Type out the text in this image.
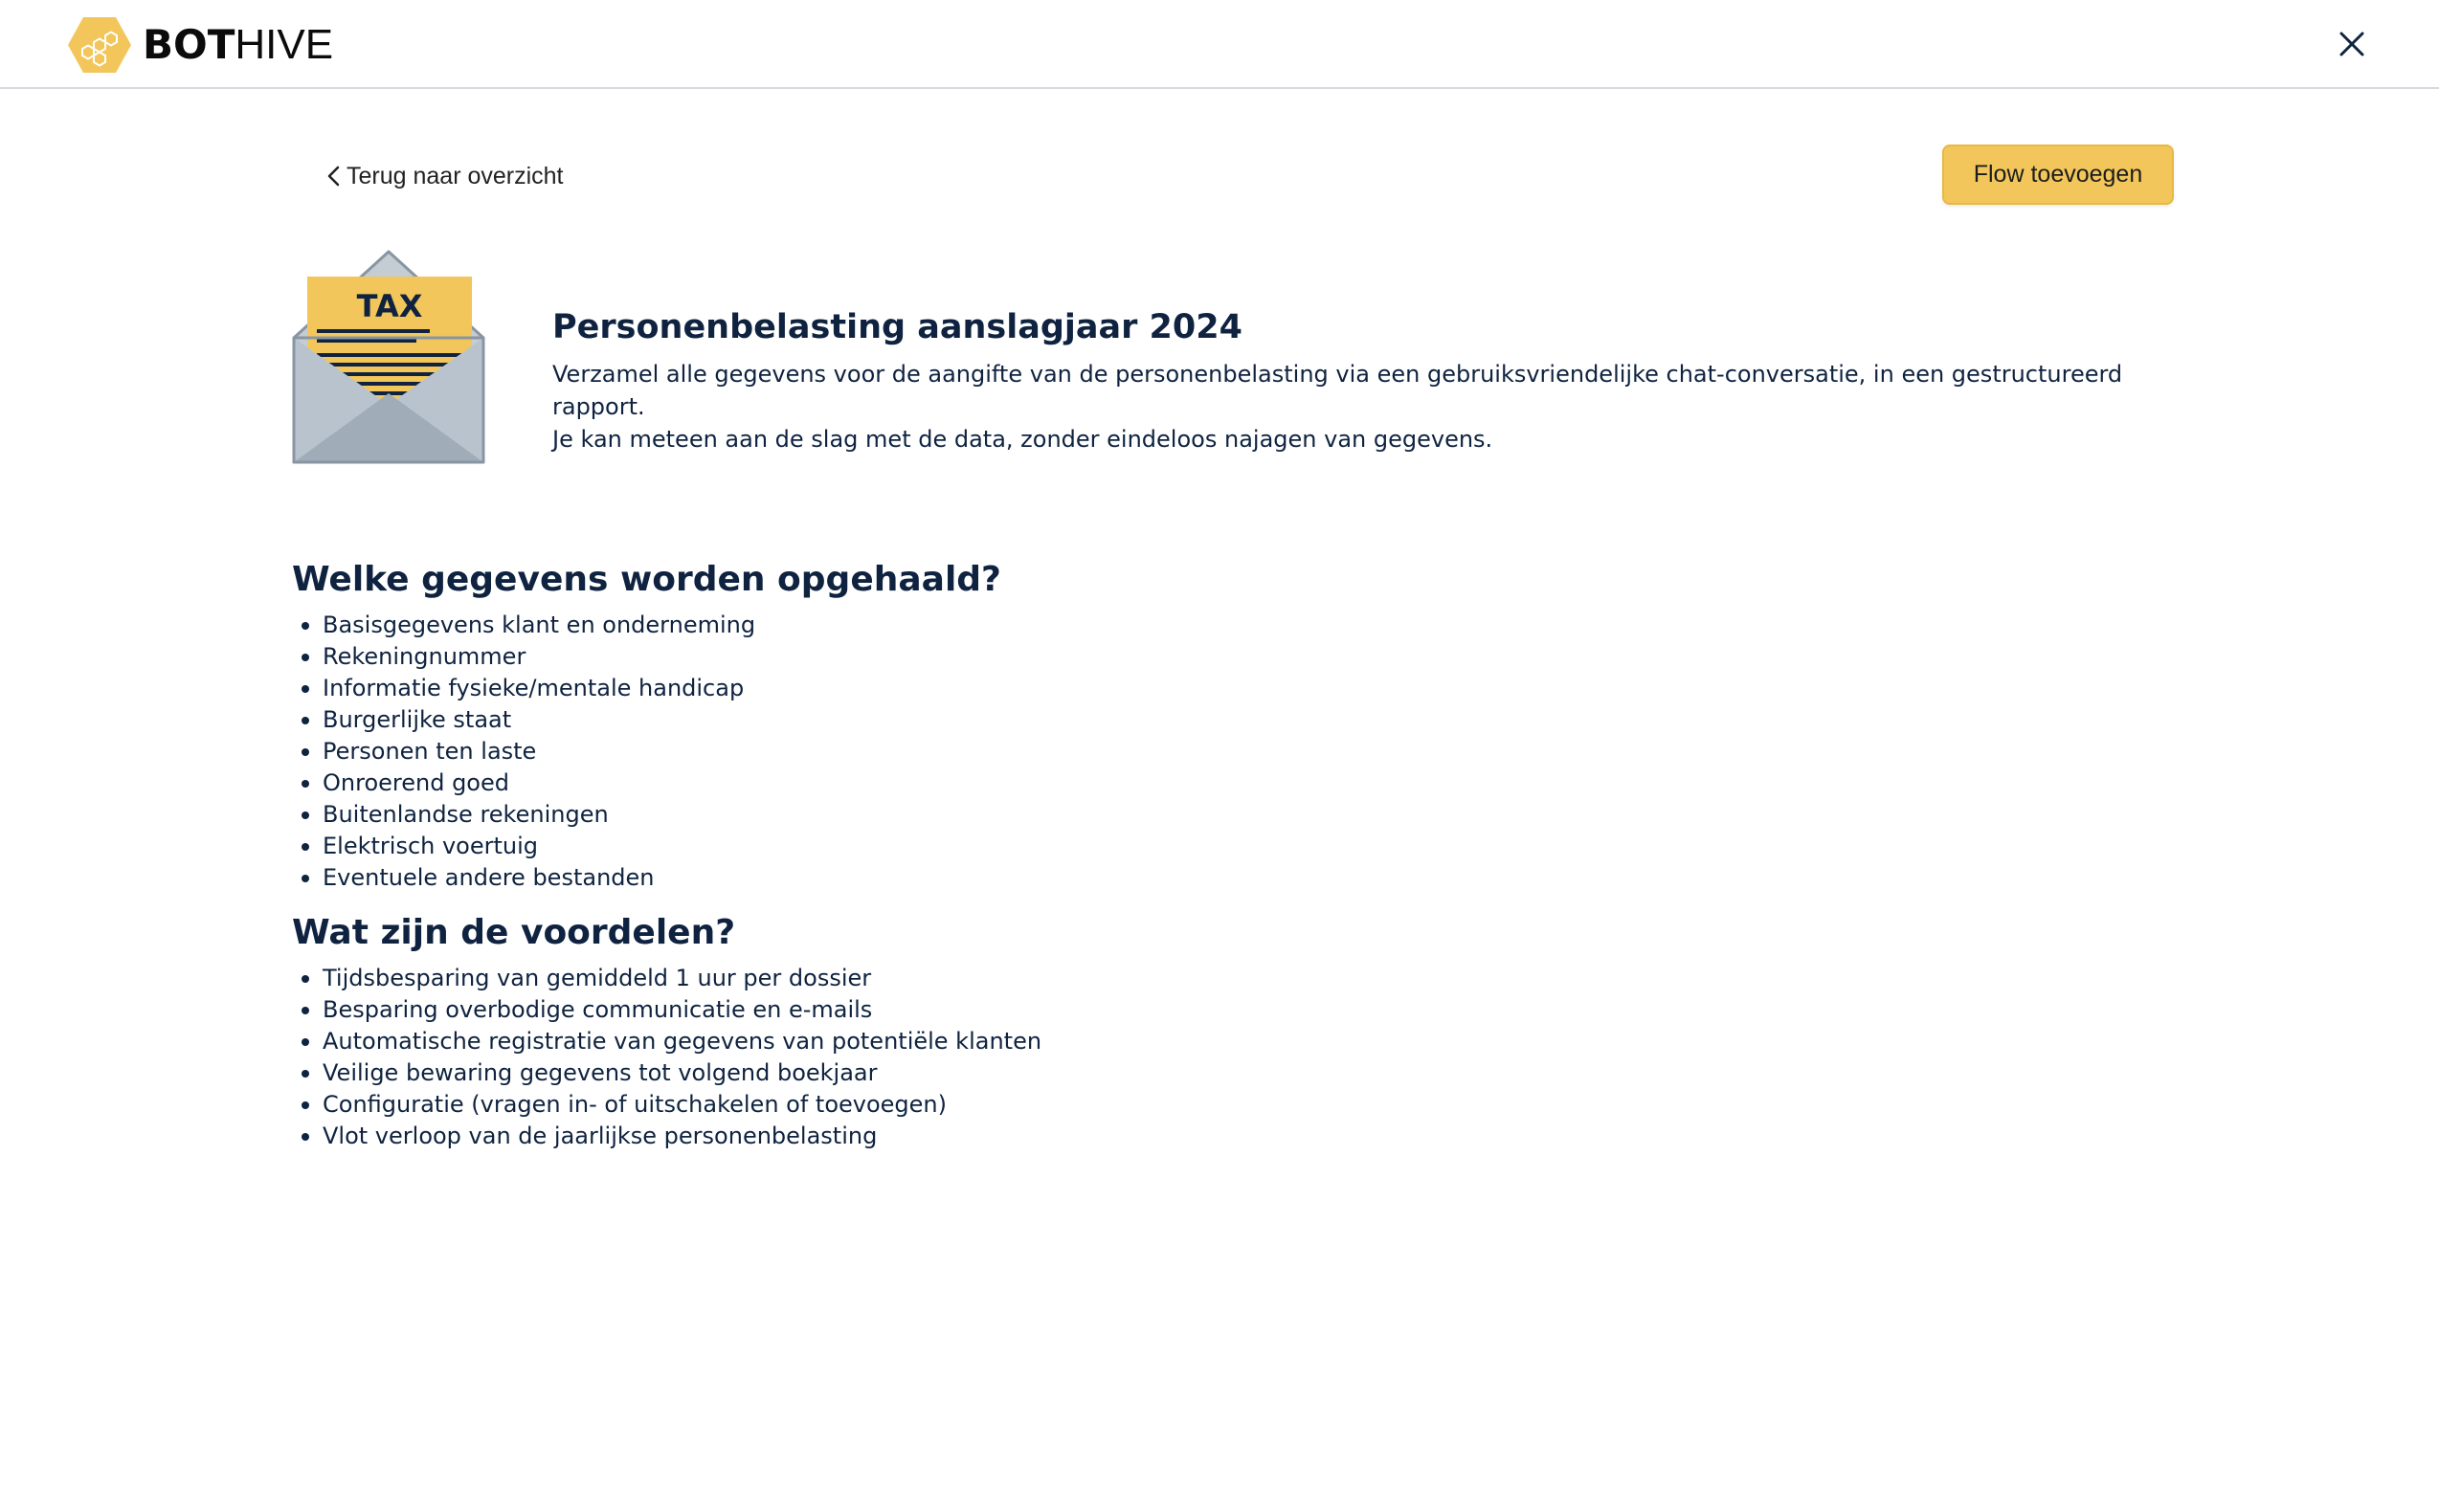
BOTHIVE
Terug naar overzicht	Flow toevoegen
TAX
Personenbelasting aanslagjaar 2024

Verzamel alle gegevens voor de aangifte van de personenbelasting via een gebruiksvriendelijke chat-conversatie, in een gestructureerd rapport.
Je kan meteen aan de slag met de data, zonder eindeloos najagen van gegevens.

Welke gegevens worden opgehaald?
Basisgegevens klant en onderneming
Rekeningnummer
Informatie fysieke/mentale handicap
Burgerlijke staat
Personen ten laste
Onroerend goed
Buitenlandse rekeningen
Elektrisch voertuig
Eventuele andere bestanden
Wat zijn de voordelen?
Tijdsbesparing van gemiddeld 1 uur per dossier
Besparing overbodige communicatie en e-mails
Automatische registratie van gegevens van potentiële klanten
Veilige bewaring gegevens tot volgend boekjaar
Configuratie (vragen in- of uitschakelen of toevoegen)
Vlot verloop van de jaarlijkse personenbelasting
